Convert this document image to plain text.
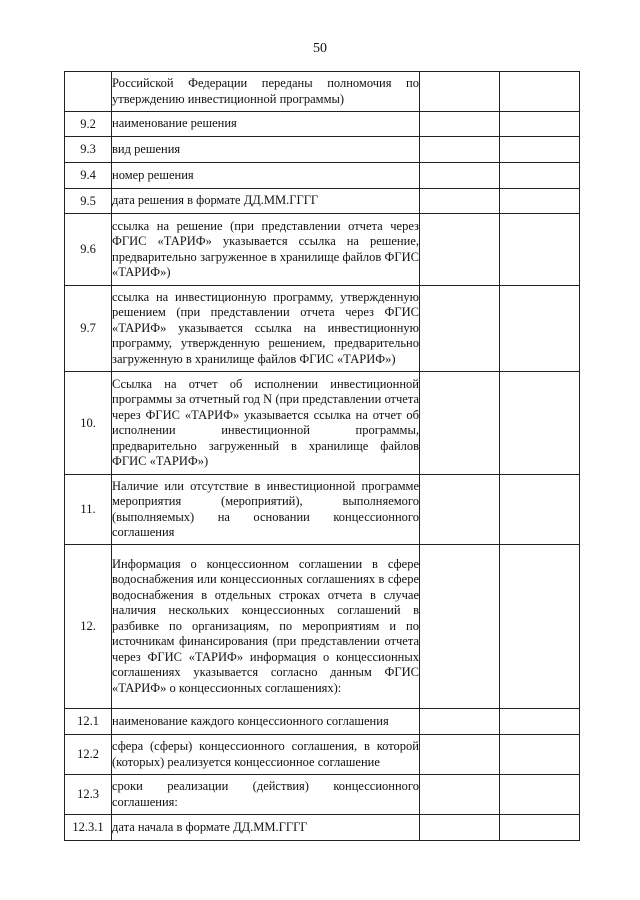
50
	Российской Федерации переданы полномочия по утверждению инвестиционной программы)		
9.2	наименование решения		
9.3	вид решения		
9.4	номер решения		
9.5	дата решения в формате ДД.ММ.ГГГГ		
9.6	ссылка на решение (при представлении отчета через ФГИС «ТАРИФ» указывается ссылка на решение, предварительно загруженное в хранилище файлов ФГИС «ТАРИФ»)		
9.7	ссылка на инвестиционную программу, утвержденную решением (при представлении отчета через ФГИС «ТАРИФ» указывается ссылка на инвестиционную программу, утвержденную решением, предварительно загруженную в хранилище файлов ФГИС «ТАРИФ»)		
10.	Ссылка на отчет об исполнении инвестиционной программы за отчетный год N (при представлении отчета через ФГИС «ТАРИФ» указывается ссылка на отчет об исполнении инвестиционной программы, предварительно загруженный в хранилище файлов ФГИС «ТАРИФ»)		
11.	Наличие или отсутствие в инвестиционной программе мероприятия (мероприятий), выполняемого (выполняемых) на основании концессионного соглашения		
12.	Информация о концессионном соглашении в сфере водоснабжения или концессионных соглашениях в сфере водоснабжения в отдельных строках отчета в случае наличия нескольких концессионных соглашений в разбивке по организациям, по мероприятиям и по источникам финансирования (при представлении отчета через ФГИС «ТАРИФ» информация о концессионных соглашениях указывается согласно данным ФГИС «ТАРИФ» о концессионных соглашениях):		
12.1	наименование каждого концессионного соглашения		
12.2	сфера (сферы) концессионного соглашения, в которой (которых) реализуется концессионное соглашение		
12.3	сроки реализации (действия) концессионного соглашения:		
12.3.1	дата начала в формате ДД.ММ.ГГГГ		
